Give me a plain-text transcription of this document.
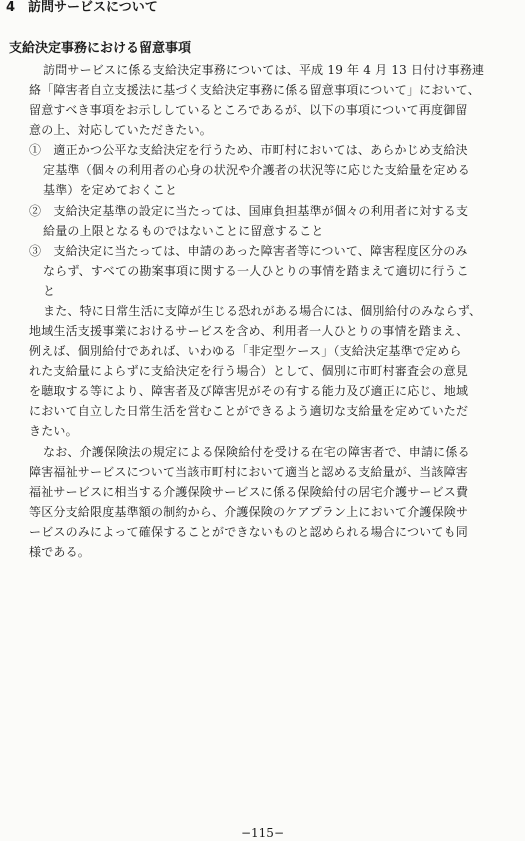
4　訪問サービスについて
支給決定事務における留意事項

訪問サービスに係る支給決定事務については、平成 19 年 4 月 13 日付け事務連

絡「障害者自立支援法に基づく支給決定事務に係る留意事項について」において、

留意すべき事項をお示ししているところであるが、以下の事項について再度御留

意の上、対応していただきたい。

①　適正かつ公平な支給決定を行うため、市町村においては、あらかじめ支給決

定基準（個々の利用者の心身の状況や介護者の状況等に応じた支給量を定める

基準）を定めておくこと

②　支給決定基準の設定に当たっては、国庫負担基準が個々の利用者に対する支

給量の上限となるものではないことに留意すること

③　支給決定に当たっては、申請のあった障害者等について、障害程度区分のみ

ならず、すべての勘案事項に関する一人ひとりの事情を踏まえて適切に行うこ

と

また、特に日常生活に支障が生じる恐れがある場合には、個別給付のみならず、

地域生活支援事業におけるサービスを含め、利用者一人ひとりの事情を踏まえ、

例えば、個別給付であれば、いわゆる「非定型ケース」（支給決定基準で定めら

れた支給量によらずに支給決定を行う場合）として、個別に市町村審査会の意見

を聴取する等により、障害者及び障害児がその有する能力及び適正に応じ、地域

において自立した日常生活を営むことができるよう適切な支給量を定めていただ

きたい。

なお、介護保険法の規定による保険給付を受ける在宅の障害者で、申請に係る

障害福祉サービスについて当該市町村において適当と認める支給量が、当該障害

福祉サービスに相当する介護保険サービスに係る保険給付の居宅介護サービス費

等区分支給限度基準額の制約から、介護保険のケアプラン上において介護保険サ

ービスのみによって確保することができないものと認められる場合についても同

様である。

−115−
